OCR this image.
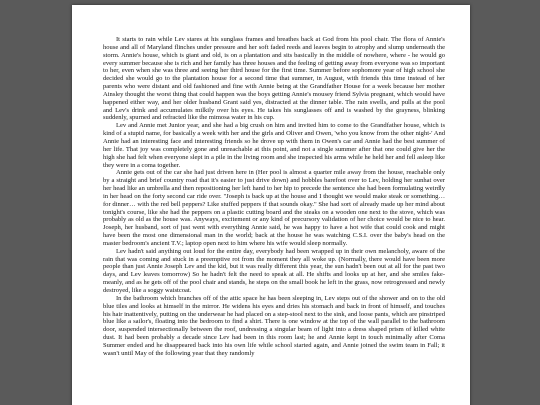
It starts to rain while Lev stares at his sunglass frames and breathes back at God from his pool chair. The flora of Annie's house and all of Maryland flinches under pressure and her soft faded reeds and leaves begin to atrophy and slump underneath the storm. Annie's house, which is giant and old, is on a plantation and sits basically in the middle of nowhere, where - he would go every summer because she is rich and her family has three houses and the feeling of getting away from everyone was so important to her, even when she was three and seeing her third house for the first time. Summer before sophomore year of high school she decided she would go to the plantation house for a second time that summer, in August, with friends this time instead of her parents who were distant and old fashioned and fine with Annie being at the Grandfather House for a week because her mother Ainsley thought the worst thing that could happen was the boys getting Annie's mousey friend Sylvia pregnant, which would have happened either way, and her older husband Grant said yes, distracted at the dinner table. The rain swells, and pulls at the pool and Lev's drink and accumulates milkily over his eyes. He takes his sunglasses off and is washed by the grayness, blinking suddenly, spurned and refracted like the mimosa water in his cup.

Lev and Annie met Junior year, and she had a big crush on him and invited him to come to the Grandfather house, which is kind of a stupid name, for basically a week with her and the girls and Oliver and Owen, 'who you know from the other night-' And Annie had an interesting face and interesting friends so he drove up with them in Owen's car and Annie had the best summer of her life. That joy was completely gone and unreachable at this point, and not a single summer after that one could give her the high she had felt when everyone slept in a pile in the living room and she inspected his arms while he held her and fell asleep like they were in a coma together.

Annie gets out of the car she had just driven here in (Her pool is almost a quarter mile away from the house, reachable only by a straight and brief country road that it's easier to just drive down) and hobbles barefoot over to Lev, holding her sunhat over her head like an umbrella and then repositioning her left hand to her hip to precede the sentence she had been formulating weirdly in her head on the forty second car ride over. "Joseph is back up at the house and I thought we would make steak or something… for dinner… with the red bell peppers? Like stuffed peppers if that sounds okay." She had sort of already made up her mind about tonight's course, like she had the peppers on a plastic cutting board and the steaks on a wooden one next to the stove, which was probably as old as the house was. Anyways, excitement or any kind of precursory validation of her choice would be nice to hear. Joseph, her husband, sort of just went with everything Annie said, he was happy to have a hot wife that could cook and might have been the most one dimensional man in the world; back at the house he was watching C.S.I. over the baby's head on the master bedroom's ancient T.V.; laptop open next to him where his wife would sleep normally.

Lev hadn't said anything out loud for the entire day, everybody had been wrapped up in their own melancholy, aware of the rain that was coming and stuck in a preemptive rot from the moment they all woke up. (Normally, there would have been more people than just Annie Joseph Lev and the kid, but it was really different this year, the sun hadn't been out at all for the past two days, and Lev leaves tomorrow) So he hadn't felt the need to speak at all. He shifts and looks up at her, and she smiles fake-meanly, and as he gets off of the pool chair and stands, he steps on the small book he left in the grass, now retrogressed and newly destroyed, like a soggy waistcoat.

In the bathroom which branches off of the attic space he has been sleeping in, Lev steps out of the shower and on to the old blue tiles and looks at himself in the mirror. He widens his eyes and dries his stomach and back in front of himself, and touches his hair inattentively, putting on the underwear he had placed on a step-stool next to the sink, and loose pants, which are pinstriped blue like a sailor's, floating into the bedroom to find a shirt. There is one window at the top of the wall parallel to the bathroom door, suspended intersectionally between the roof, undressing a singular beam of light into a dress shaped prism of killed white dust. It had been probably a decade since Lev had been in this room last; he and Annie kept in touch minimally after Coma Summer ended and he disappeared back into his own life while school started again, and Annie joined the swim team in Fall; it wasn't until May of the following year that they randomly
